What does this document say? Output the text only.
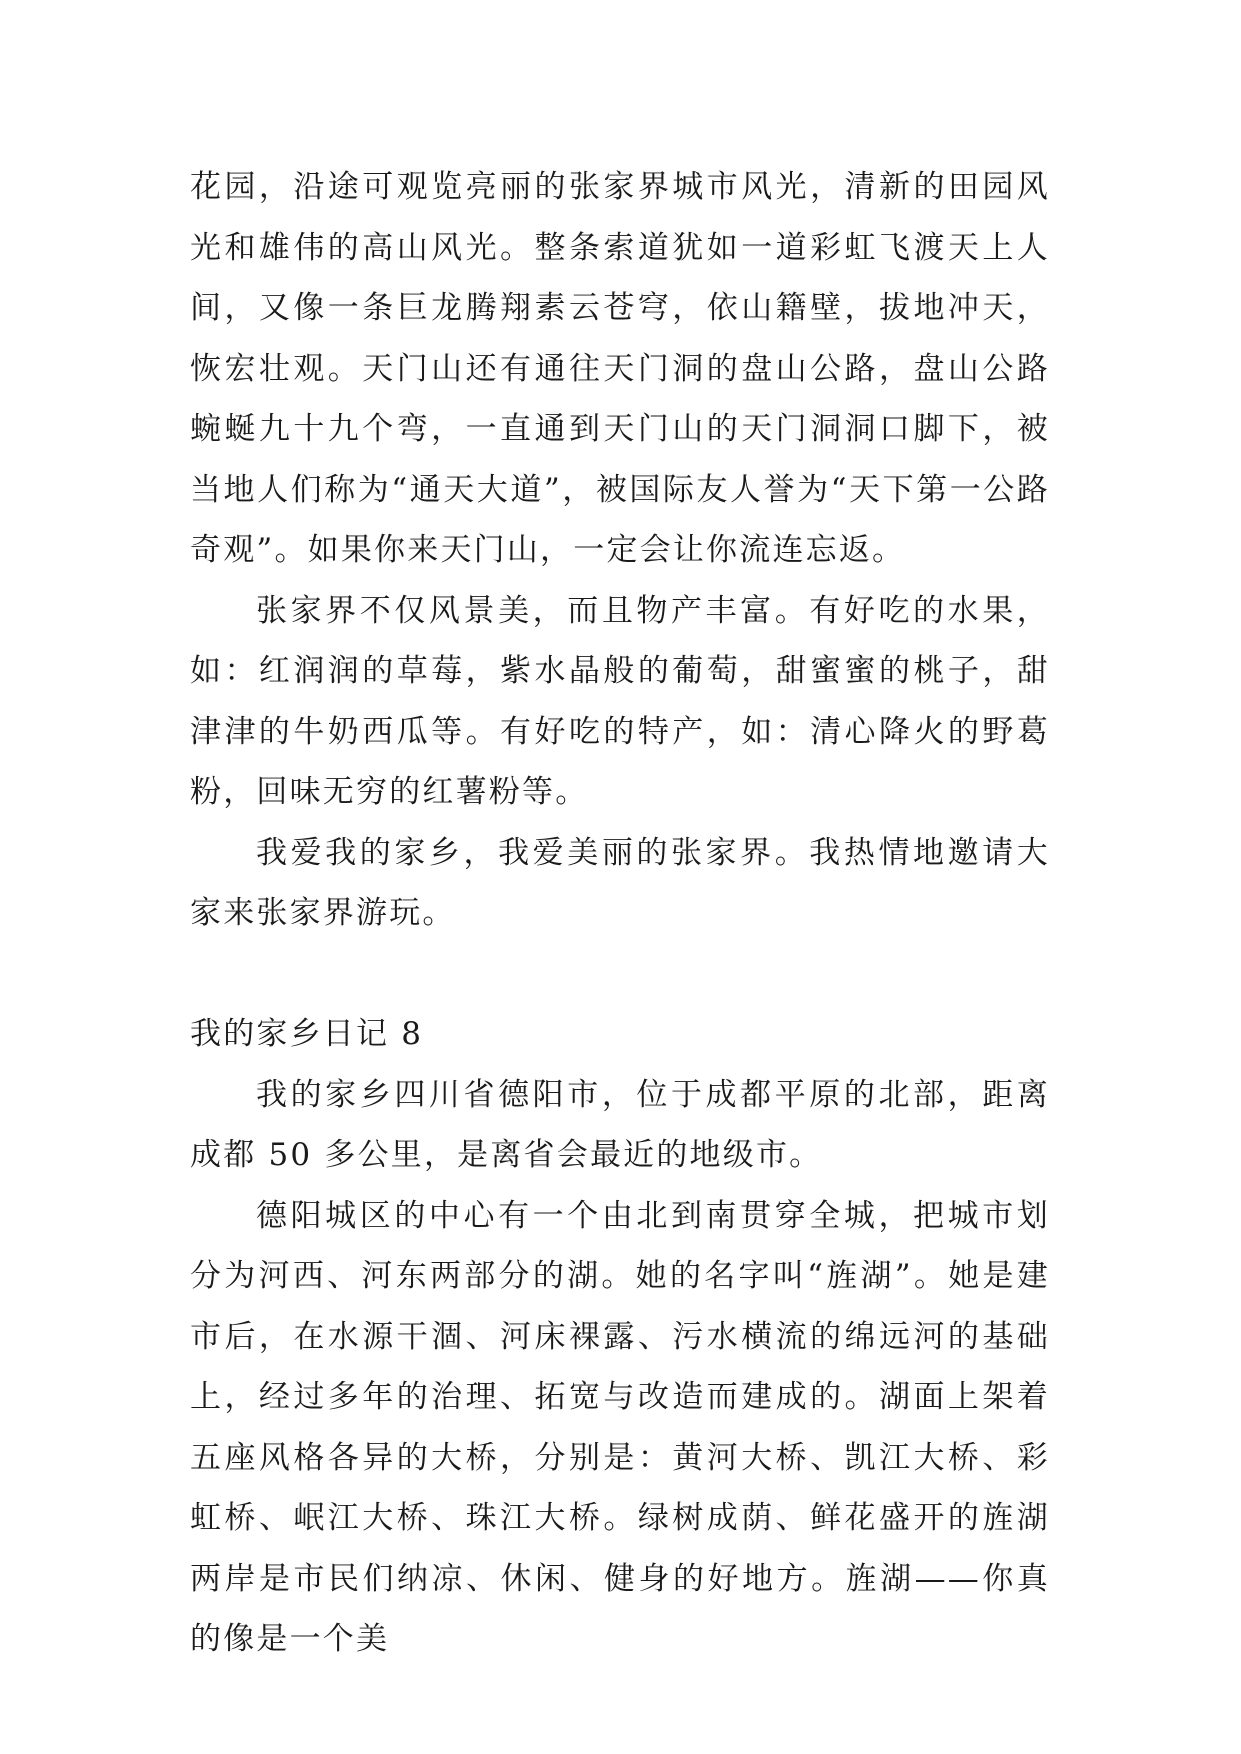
花园，沿途可观览亮丽的张家界城市风光，清新的田园风光和雄伟的高山风光。整条索道犹如一道彩虹飞渡天上人间，又像一条巨龙腾翔素云苍穹，依山籍壁，拔地冲天，恢宏壮观。天门山还有通往天门洞的盘山公路，盘山公路蜿蜒九十九个弯，一直通到天门山的天门洞洞口脚下，被当地人们称为“通天大道”，被国际友人誉为“天下第一公路奇观”。如果你来天门山，一定会让你流连忘返。

张家界不仅风景美，而且物产丰富。有好吃的水果，如：红润润的草莓，紫水晶般的葡萄，甜蜜蜜的桃子，甜津津的牛奶西瓜等。有好吃的特产，如：清心降火的野葛粉，回味无穷的红薯粉等。

我爱我的家乡，我爱美丽的张家界。我热情地邀请大家来张家界游玩。

我的家乡日记 8

我的家乡四川省德阳市，位于成都平原的北部，距离成都 50 多公里，是离省会最近的地级市。

德阳城区的中心有一个由北到南贯穿全城，把城市划分为河西、河东两部分的湖。她的名字叫“旌湖”。她是建市后，在水源干涸、河床裸露、污水横流的绵远河的基础上，经过多年的治理、拓宽与改造而建成的。湖面上架着五座风格各异的大桥，分别是：黄河大桥、凯江大桥、彩虹桥、岷江大桥、珠江大桥。绿树成荫、鲜花盛开的旌湖两岸是市民们纳凉、休闲、健身的好地方。旌湖——你真的像是一个美
